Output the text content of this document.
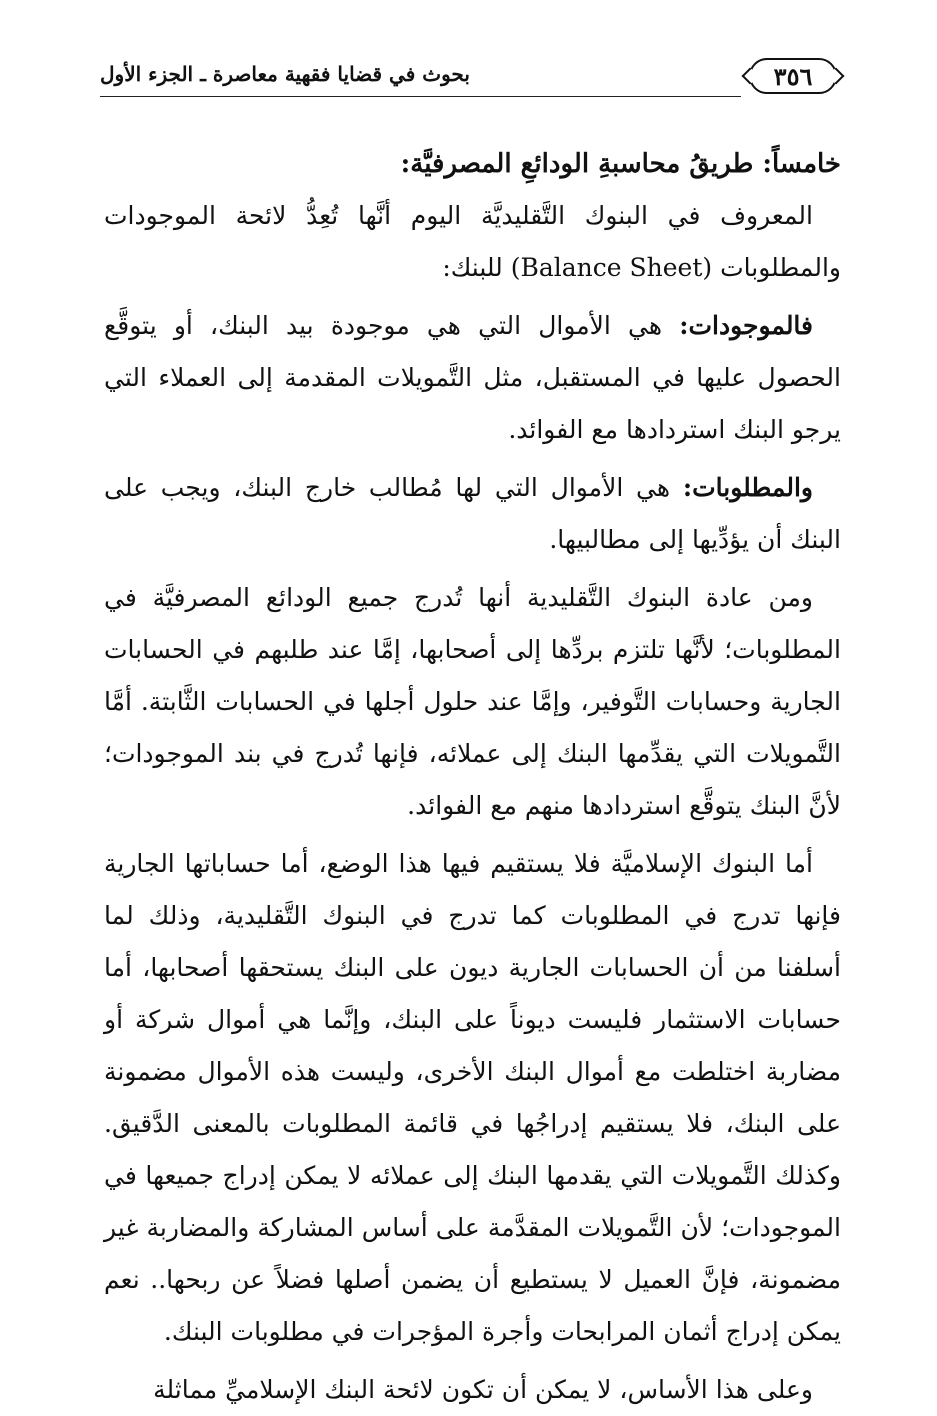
٣٥٦
بحوث في قضايا فقهية معاصرة ـ الجزء الأول

خامساً: طريقُ محاسبةِ الودائعِ المصرفيَّة:

المعروف في البنوك التَّقليديَّة اليوم أنَّها تُعِدُّ لائحة الموجودات والمطلوبات (Balance Sheet) للبنك:

فالموجودات: هي الأموال التي هي موجودة بيد البنك، أو يتوقَّع الحصول عليها في المستقبل، مثل التَّمويلات المقدمة إلى العملاء التي يرجو البنك استردادها مع الفوائد.

والمطلوبات: هي الأموال التي لها مُطالب خارج البنك، ويجب على البنك أن يؤدِّيها إلى مطالبيها.

ومن عادة البنوك التَّقليدية أنها تُدرج جميع الودائع المصرفيَّة في المطلوبات؛ لأنَّها تلتزم بردِّها إلى أصحابها، إمَّا عند طلبهم في الحسابات الجارية وحسابات التَّوفير، وإمَّا عند حلول أجلها في الحسابات الثَّابتة. أمَّا التَّمويلات التي يقدِّمها البنك إلى عملائه، فإنها تُدرج في بند الموجودات؛ لأنَّ البنك يتوقَّع استردادها منهم مع الفوائد.

أما البنوك الإسلاميَّة فلا يستقيم فيها هذا الوضع، أما حساباتها الجارية فإنها تدرج في المطلوبات كما تدرج في البنوك التَّقليدية، وذلك لما أسلفنا من أن الحسابات الجارية ديون على البنك يستحقها أصحابها، أما حسابات الاستثمار فليست ديوناً على البنك، وإنَّما هي أموال شركة أو مضاربة اختلطت مع أموال البنك الأخرى، وليست هذه الأموال مضمونة على البنك، فلا يستقيم إدراجُها في قائمة المطلوبات بالمعنى الدَّقيق. وكذلك التَّمويلات التي يقدمها البنك إلى عملائه لا يمكن إدراج جميعها في الموجودات؛ لأن التَّمويلات المقدَّمة على أساس المشاركة والمضاربة غير مضمونة، فإنَّ العميل لا يستطيع أن يضمن أصلها فضلاً عن ربحها.. نعم يمكن إدراج أثمان المرابحات وأجرة المؤجرات في مطلوبات البنك.

وعلى هذا الأساس، لا يمكن أن تكون لائحة البنك الإسلاميِّ مماثلة
